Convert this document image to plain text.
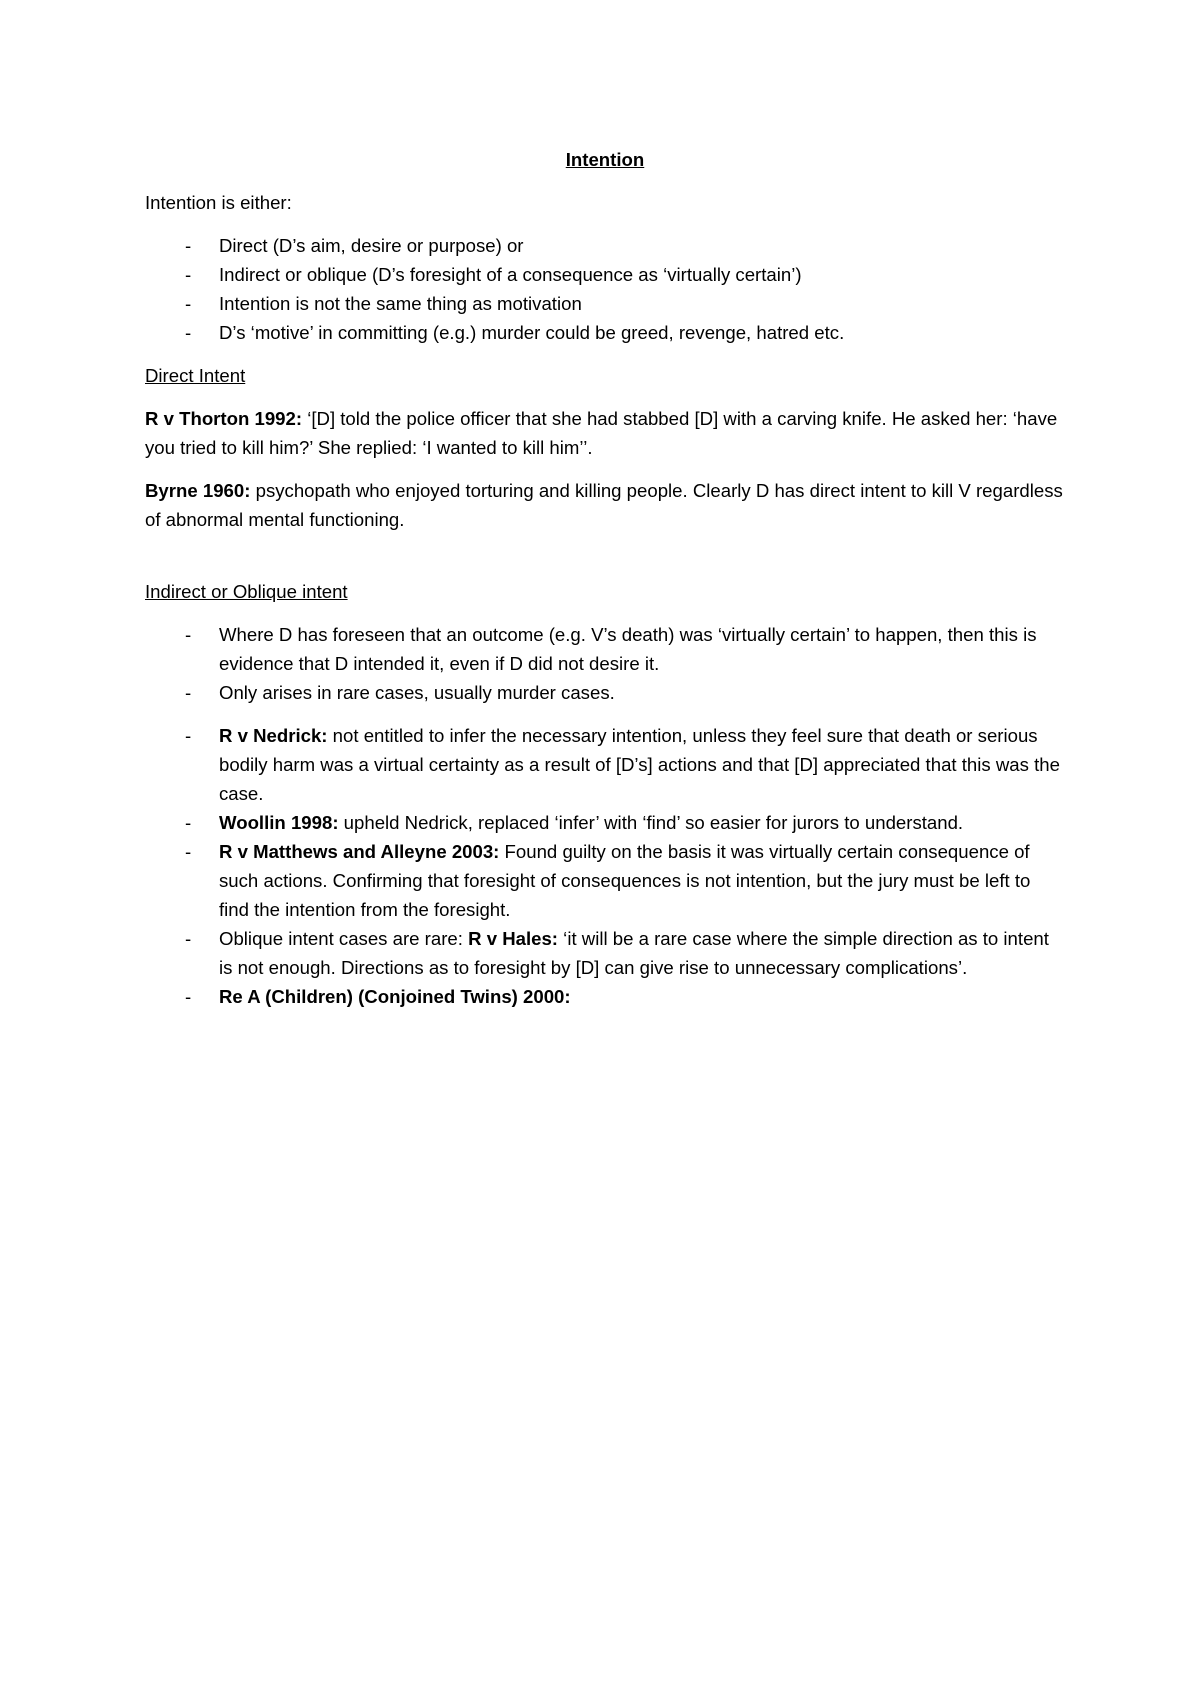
Intention
Intention is either:
- Direct (D’s aim, desire or purpose) or
- Indirect or oblique (D’s foresight of a consequence as ‘virtually certain’)
- Intention is not the same thing as motivation
- D’s ‘motive’ in committing (e.g.) murder could be greed, revenge, hatred etc.
Direct Intent
R v Thorton 1992: ‘[D] told the police officer that she had stabbed [D] with a carving knife. He asked her: ‘have you tried to kill him?’ She replied: ‘I wanted to kill him’’.
Byrne 1960: psychopath who enjoyed torturing and killing people. Clearly D has direct intent to kill V regardless of abnormal mental functioning.
Indirect or Oblique intent
- Where D has foreseen that an outcome (e.g. V’s death) was ‘virtually certain’ to happen, then this is evidence that D intended it, even if D did not desire it.
- Only arises in rare cases, usually murder cases.
- R v Nedrick: not entitled to infer the necessary intention, unless they feel sure that death or serious bodily harm was a virtual certainty as a result of [D’s] actions and that [D] appreciated that this was the case.
- Woollin 1998: upheld Nedrick, replaced ‘infer’ with ‘find’ so easier for jurors to understand.
- R v Matthews and Alleyne 2003: Found guilty on the basis it was virtually certain consequence of such actions. Confirming that foresight of consequences is not intention, but the jury must be left to find the intention from the foresight.
- Oblique intent cases are rare: R v Hales: ‘it will be a rare case where the simple direction as to intent is not enough. Directions as to foresight by [D] can give rise to unnecessary complications’.
- Re A (Children) (Conjoined Twins) 2000:
